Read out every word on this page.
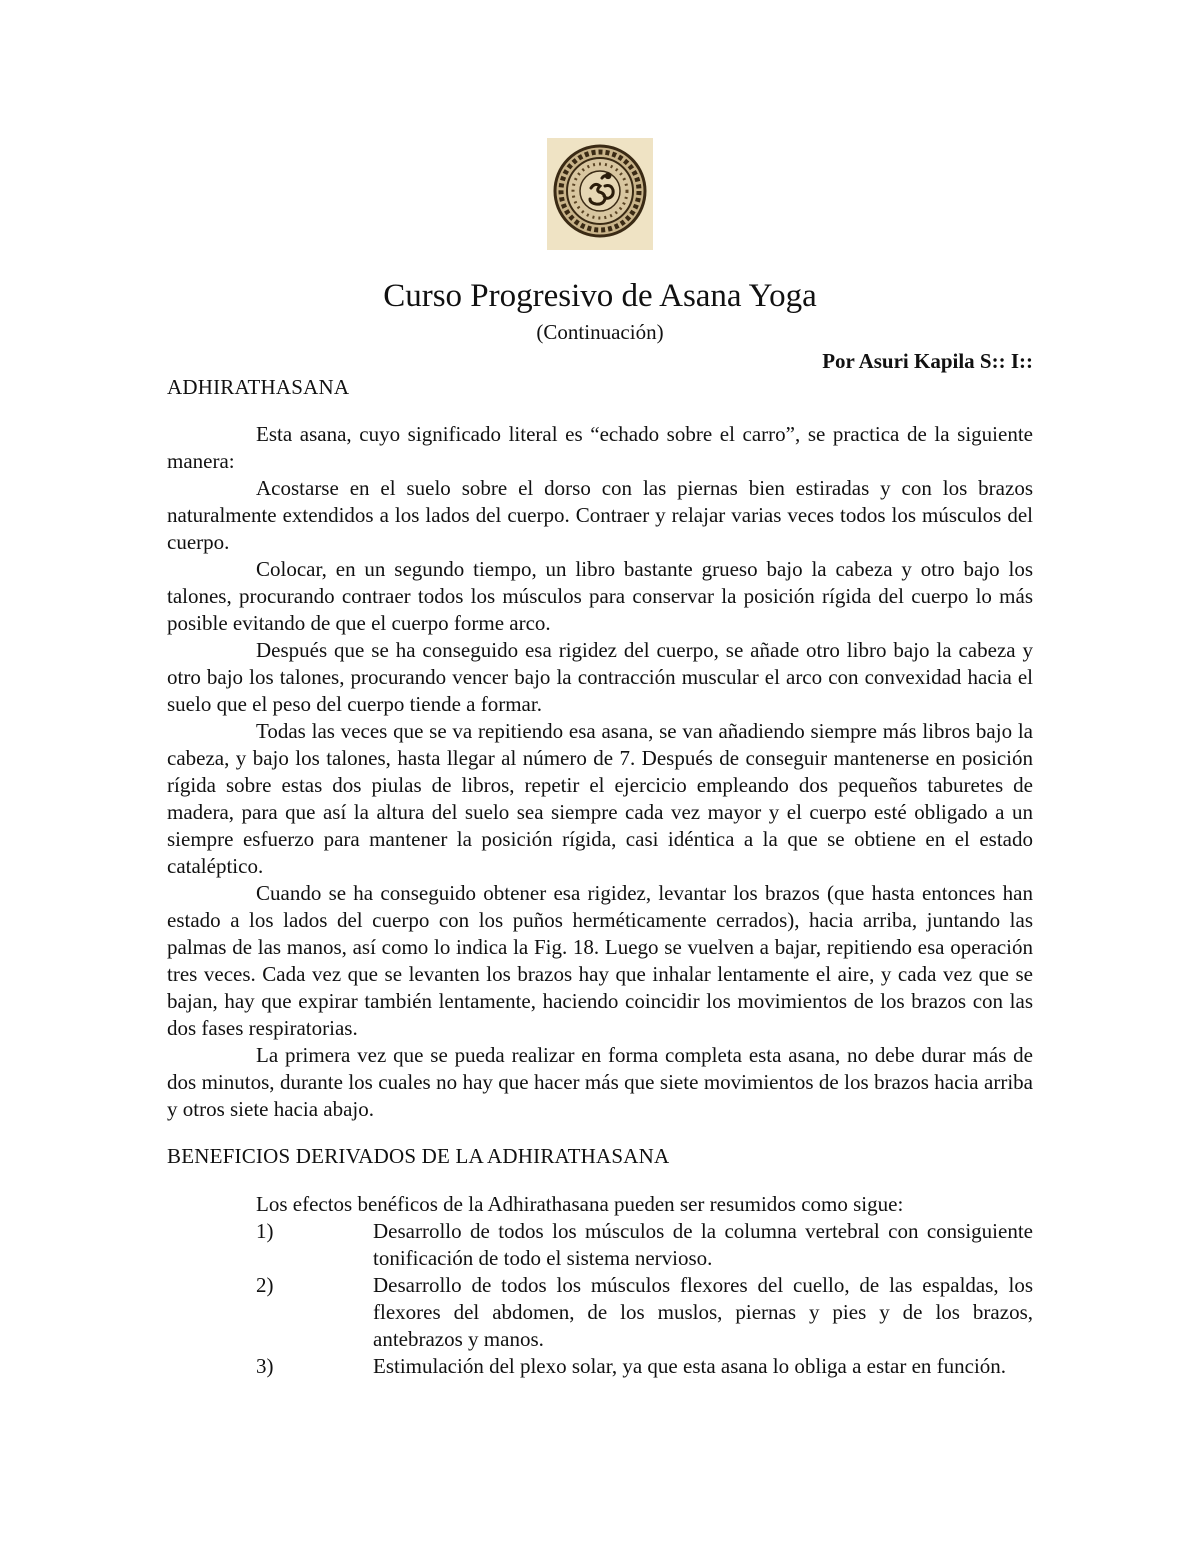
Curso Progresivo de Asana Yoga
(Continuación)
Por Asuri Kapila S:: I::
ADHIRATHASANA

Esta asana, cuyo significado literal es “echado sobre el carro”, se practica de la siguiente manera:

Acostarse en el suelo sobre el dorso con las piernas bien estiradas y con los brazos naturalmente extendidos a los lados del cuerpo. Contraer y relajar varias veces todos los músculos del cuerpo.

Colocar, en un segundo tiempo, un libro bastante grueso bajo la cabeza y otro bajo los talones, procurando contraer todos los músculos para conservar la posición rígida del cuerpo lo más posible evitando de que el cuerpo forme arco.

Después que se ha conseguido esa rigidez del cuerpo, se añade otro libro bajo la cabeza y otro bajo los talones, procurando vencer bajo la contracción muscular el arco con convexidad hacia el suelo que el peso del cuerpo tiende a formar.

Todas las veces que se va repitiendo esa asana, se van añadiendo siempre más libros bajo la cabeza, y bajo los talones, hasta llegar al número de 7. Después de conseguir mantenerse en posición rígida sobre estas dos piulas de libros, repetir el ejercicio empleando dos pequeños taburetes de madera, para que así la altura del suelo sea siempre cada vez mayor y el cuerpo esté obligado a un siempre esfuerzo para mantener la posición rígida, casi idéntica a la que se obtiene en el estado cataléptico.

Cuando se ha conseguido obtener esa rigidez, levantar los brazos (que hasta entonces han estado a los lados del cuerpo con los puños herméticamente cerrados), hacia arriba, juntando las palmas de las manos, así como lo indica la Fig. 18. Luego se vuelven a bajar, repitiendo esa operación tres veces. Cada vez que se levanten los brazos hay que inhalar lentamente el aire, y cada vez que se bajan, hay que expirar también lentamente, haciendo coincidir los movimientos de los brazos con las dos fases respiratorias.

La primera vez que se pueda realizar en forma completa esta asana, no debe durar más de dos minutos, durante los cuales no hay que hacer más que siete movimientos de los brazos hacia arriba y otros siete hacia abajo.

BENEFICIOS DERIVADOS DE LA ADHIRATHASANA
Los efectos benéficos de la Adhirathasana pueden ser resumidos como sigue:
1)	Desarrollo de todos los músculos de la columna vertebral con consiguiente tonificación de todo el sistema nervioso.
2)	Desarrollo de todos los músculos flexores del cuello, de las espaldas, los flexores del abdomen, de los muslos, piernas y pies y de los brazos, antebrazos y manos.
3)	Estimulación del plexo solar, ya que esta asana lo obliga a estar en función.
